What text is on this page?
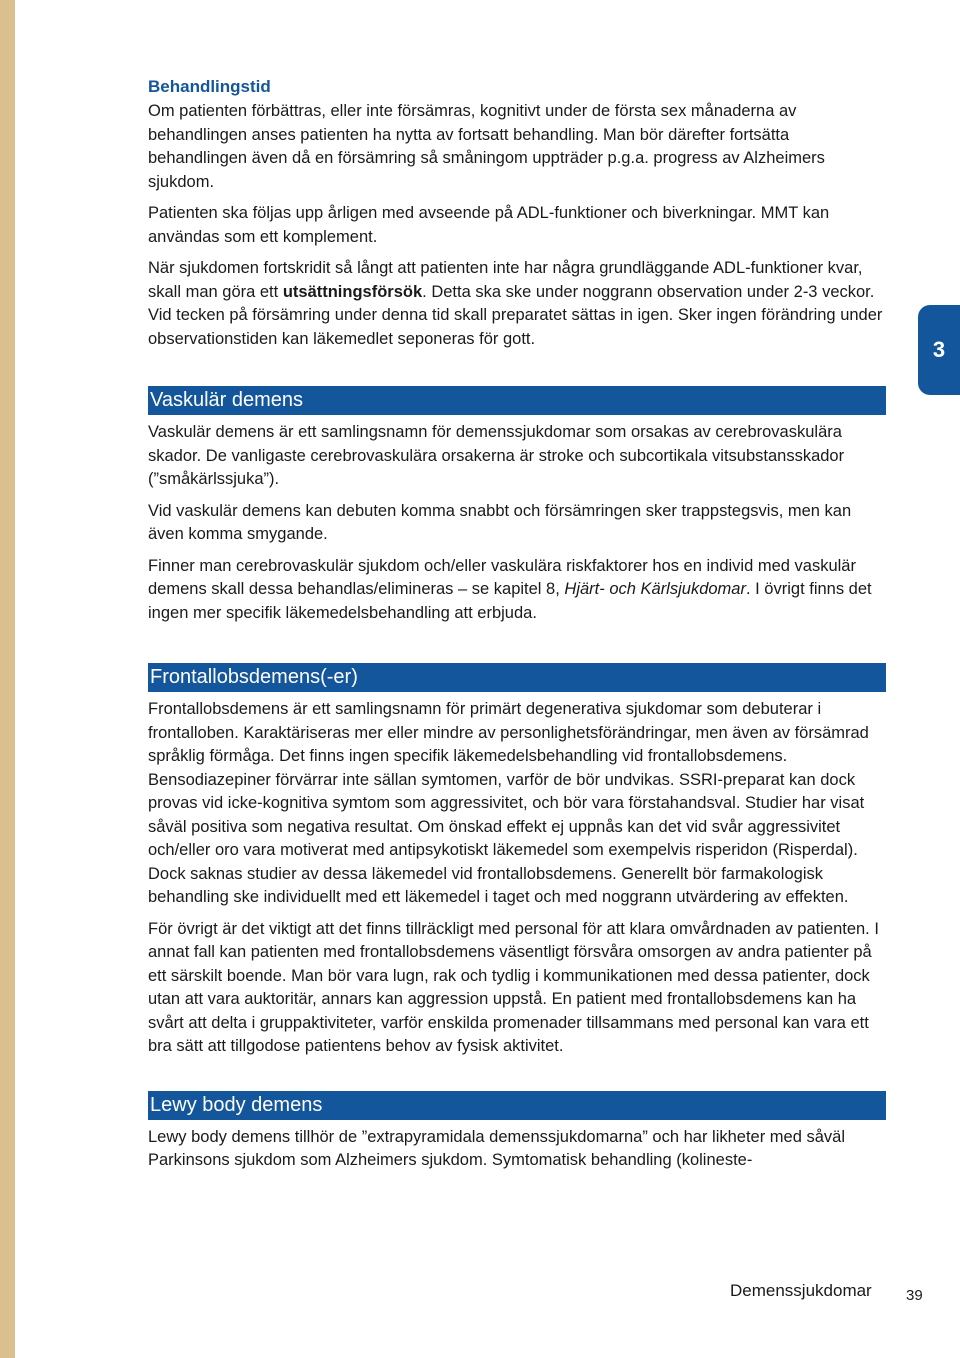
3
Behandlingstid

Om patienten förbättras, eller inte försämras, kognitivt under de första sex månaderna av behandlingen anses patienten ha nytta av fortsatt behandling. Man bör därefter fortsätta behandlingen även då en försämring så småningom uppträder p.g.a. progress av Alzheimers sjukdom.

Patienten ska följas upp årligen med avseende på ADL-funktioner och biverkningar. MMT kan användas som ett komplement.

När sjukdomen fortskridit så långt att patienten inte har några grundläggande ADL-funktioner kvar, skall man göra ett utsättningsförsök. Detta ska ske under noggrann observation under 2-3 veckor. Vid tecken på försämring under denna tid skall preparatet sättas in igen. Sker ingen förändring under observationstiden kan läkemedlet seponeras för gott.

Vaskulär demens

Vaskulär demens är ett samlingsnamn för demenssjukdomar som orsakas av cerebrovaskulära skador. De vanligaste cerebrovaskulära orsakerna är stroke och subcortikala vitsubstansskador (”småkärlssjuka”).

Vid vaskulär demens kan debuten komma snabbt och försämringen sker trappstegsvis, men kan även komma smygande.

Finner man cerebrovaskulär sjukdom och/eller vaskulära riskfaktorer hos en individ med vaskulär demens skall dessa behandlas/elimineras – se kapitel 8, Hjärt- och Kärlsjukdomar. I övrigt finns det ingen mer specifik läkemedelsbehandling att erbjuda.

Frontallobsdemens(-er)

Frontallobsdemens är ett samlingsnamn för primärt degenerativa sjukdomar som debuterar i frontalloben. Karaktäriseras mer eller mindre av personlighetsförändringar, men även av försämrad språklig förmåga. Det finns ingen specifik läkemedelsbehandling vid frontallobsdemens. Bensodiazepiner förvärrar inte sällan symtomen, varför de bör undvikas. SSRI-preparat kan dock provas vid icke-kognitiva symtom som aggressivitet, och bör vara förstahandsval. Studier har visat såväl positiva som negativa resultat. Om önskad effekt ej uppnås kan det vid svår aggressivitet och/eller oro vara motiverat med antipsykotiskt läkemedel som exempelvis risperidon (Risperdal). Dock saknas studier av dessa läkemedel vid frontallobsdemens. Generellt bör farmakologisk behandling ske individuellt med ett läkemedel i taget och med noggrann utvärdering av effekten.

För övrigt är det viktigt att det finns tillräckligt med personal för att klara omvårdnaden av patienten. I annat fall kan patienten med frontallobsdemens väsentligt försvåra omsorgen av andra patienter på ett särskilt boende. Man bör vara lugn, rak och tydlig i kommunikationen med dessa patienter, dock utan att vara auktoritär, annars kan aggression uppstå. En patient med frontallobsdemens kan ha svårt att delta i gruppaktiviteter, varför enskilda promenader tillsammans med personal kan vara ett bra sätt att tillgodose patientens behov av fysisk aktivitet.

Lewy body demens

Lewy body demens tillhör de ”extrapyramidala demenssjukdomarna” och har likheter med såväl Parkinsons sjukdom som Alzheimers sjukdom. Symtomatisk behandling (kolineste-

Demenssjukdomar 39
